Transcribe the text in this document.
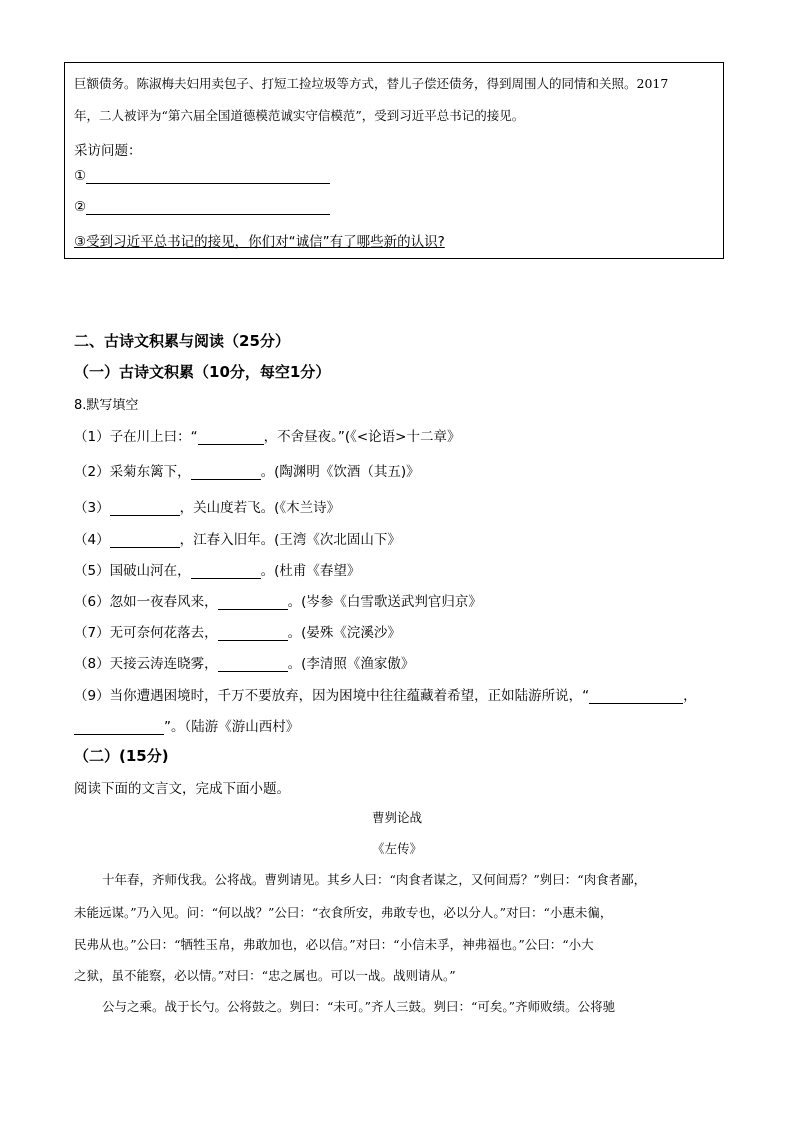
巨额债务。陈淑梅夫妇用卖包子、打短工捡垃圾等方式，替儿子偿还债务，得到周围人的同情和关照。2017
年，二人被评为“第六届全国道德模范诚实守信模范”，受到习近平总书记的接见。
采访问题：
①
②
③受到习近平总书记的接见，你们对“诚信”有了哪些新的认识?
二、古诗文积累与阅读（25分）
（一）古诗文积累（10分，每空1分）
8.默写填空
（1）子在川上曰：“	，不舍昼夜。”(《<论语>十二章》
（2）采菊东篱下，	。(陶渊明《饮酒（其五)》
（3）	，关山度若飞。(《木兰诗》
（4）	，江春入旧年。(王湾《次北固山下》
（5）国破山河在，	。(杜甫《春望》
（6）忽如一夜春风来，	。(岑参《白雪歌送武判官归京》
（7）无可奈何花落去，	。(晏殊《浣溪沙》
（8）天接云涛连晓雾，	。(李清照《渔家傲》
（9）当你遭遇困境时，千万不要放弃，因为困境中往往蕴藏着希望，正如陆游所说，“	，
”。（陆游《游山西村》
（二）(15分)
阅读下面的文言文，完成下面小题。
曹刿论战
《左传》
十年春，齐师伐我。公将战。曹刿请见。其乡人曰：“肉食者谋之，又何间焉？”刿曰：“肉食者鄙，
未能远谋。”乃入见。问：“何以战？”公曰：“衣食所安，弗敢专也，必以分人。”对曰：“小惠未徧，
民弗从也。”公曰：“牺牲玉帛，弗敢加也，必以信。”对曰：“小信未孚，神弗福也。”公曰：“小大
之狱，虽不能察，必以情。”对曰：“忠之属也。可以一战。战则请从。”
公与之乘。战于长勺。公将鼓之。刿曰：“未可。”齐人三鼓。刿曰：“可矣。”齐师败绩。公将驰
